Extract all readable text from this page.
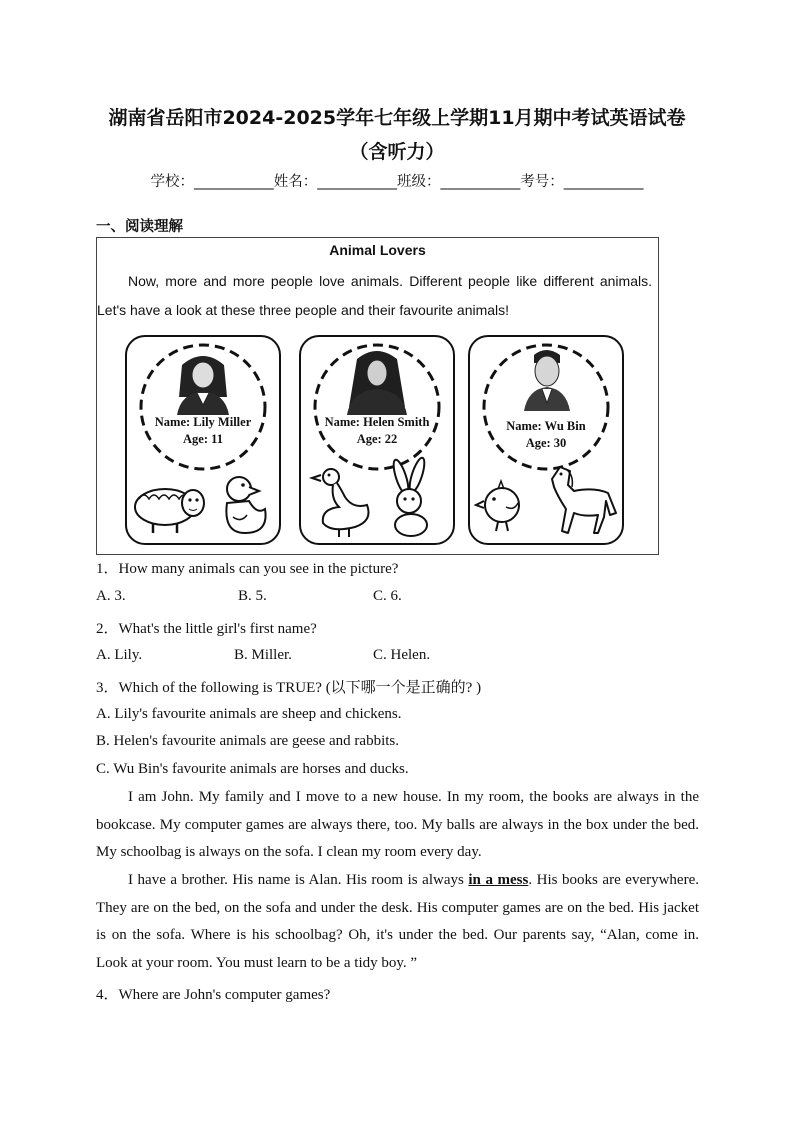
湖南省岳阳市2024-2025学年七年级上学期11月期中考试英语试卷
（含听力）
学校：___________姓名：___________班级：___________考号：___________
一、阅读理解
Animal Lovers
Now, more and more people love animals. Different people like different animals. Let's have a look at these three people and their favourite animals!
Name: Lily Miller
Age: 11
Name: Helen Smith
Age: 22
Name: Wu Bin
Age: 30
1．How many animals can you see in the picture?
A. 3.	B. 5.	C. 6.
2．What's the little girl's first name?
A. Lily.	B. Miller.	C. Helen.
3．Which of the following is TRUE? (以下哪一个是正确的? )
A. Lily's favourite animals are sheep and chickens.
B. Helen's favourite animals are geese and rabbits.
C. Wu Bin's favourite animals are horses and ducks.
I am John. My family and I move to a new house. In my room, the books are always in the bookcase. My computer games are always there, too. My balls are always in the box under the bed. My schoolbag is always on the sofa. I clean my room every day.
I have a brother. His name is Alan. His room is always in a mess. His books are everywhere. They are on the bed, on the sofa and under the desk. His computer games are on the bed. His jacket is on the sofa. Where is his schoolbag? Oh, it's under the bed. Our parents say, “Alan, come in. Look at your room. You must learn to be a tidy boy. ”
4．Where are John's computer games?
